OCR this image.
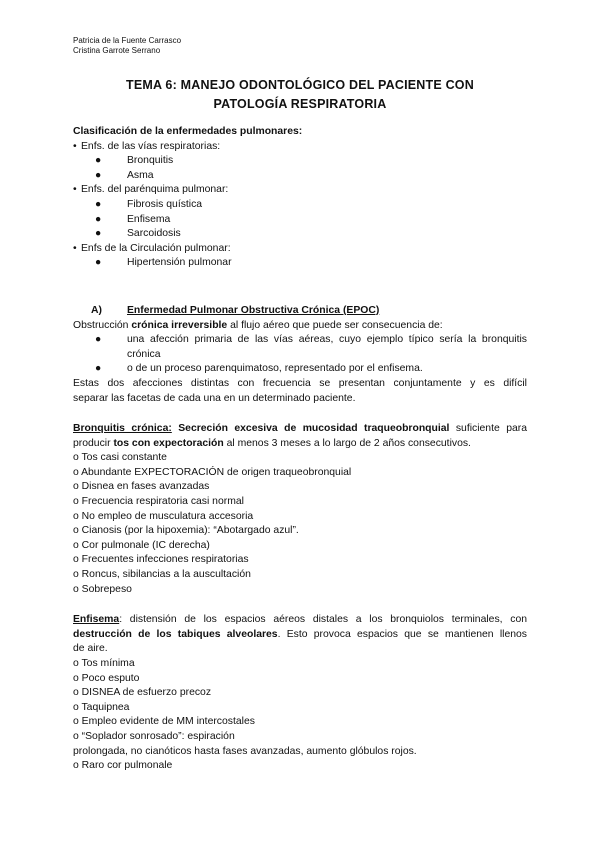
Patricia de la Fuente Carrasco
Cristina Garrote Serrano
TEMA 6: MANEJO ODONTOLÓGICO DEL PACIENTE CON
PATOLOGÍA RESPIRATORIA
Clasificación de la enfermedades pulmonares:
• Enfs. de las vías respiratorias:
●	Bronquitis
●	Asma
• Enfs. del parénquima pulmonar:
●	Fibrosis quística
●	Enfisema
●	Sarcoidosis
• Enfs de la Circulación pulmonar:
●	Hipertensión pulmonar
A)	Enfermedad Pulmonar Obstructiva Crónica (EPOC)
Obstrucción crónica irreversible al flujo aéreo que puede ser consecuencia de:
●	una afección primaria de las vías aéreas, cuyo ejemplo típico sería la bronquitis
crónica
●	o de un proceso parenquimatoso, representado por el enfisema.
Estas dos afecciones distintas con frecuencia se presentan conjuntamente y es difícil
separar las facetas de cada una en un determinado paciente.
Bronquitis crónica: Secreción excesiva de mucosidad traqueobronquial suficiente para
producir tos con expectoración al menos 3 meses a lo largo de 2 años consecutivos.
o Tos casi constante
o Abundante EXPECTORACIÓN de origen traqueobronquial
o Disnea en fases avanzadas
o Frecuencia respiratoria casi normal
o No empleo de musculatura accesoria
o Cianosis (por la hipoxemia): “Abotargado azul”.
o Cor pulmonale (IC derecha)
o Frecuentes infecciones respiratorias
o Roncus, sibilancias a la auscultación
o Sobrepeso
Enfisema: distensión de los espacios aéreos distales a los bronquiolos terminales, con
destrucción de los tabiques alveolares. Esto provoca espacios que se mantienen llenos
de aire.
o Tos mínima
o Poco esputo
o DISNEA de esfuerzo precoz
o Taquipnea
o Empleo evidente de MM intercostales
o “Soplador sonrosado”: espiración
prolongada, no cianóticos hasta fases avanzadas, aumento glóbulos rojos.
o Raro cor pulmonale
